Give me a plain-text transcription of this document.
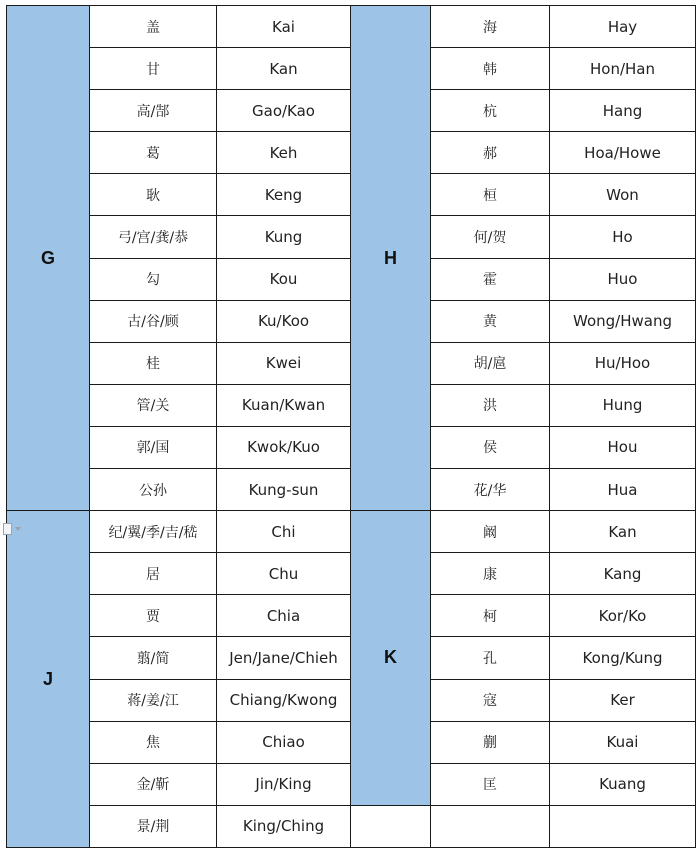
G	盖	Kai	H	海	Hay
	甘	Kan		韩	Hon/Han
	高/郜	Gao/Kao		杭	Hang
	葛	Keh		郝	Hoa/Howe
	耿	Keng		桓	Won
	弓/宫/龚/恭	Kung		何/贺	Ho
	勾	Kou		霍	Huo
	古/谷/顾	Ku/Koo		黄	Wong/Hwang
	桂	Kwei		胡/扈	Hu/Hoo
	管/关	Kuan/Kwan		洪	Hung
	郭/国	Kwok/Kuo		侯	Hou
	公孙	Kung-sun		花/华	Hua
J	纪/翼/季/吉/嵇	Chi	K	阚	Kan
	居	Chu		康	Kang
	贾	Chia		柯	Kor/Ko
	翦/简	Jen/Jane/Chieh		孔	Kong/Kung
	蒋/姜/江	Chiang/Kwong		寇	Ker
	焦	Chiao		蒯	Kuai
	金/靳	Jin/King		匡	Kuang
	景/荆	King/Ching			
